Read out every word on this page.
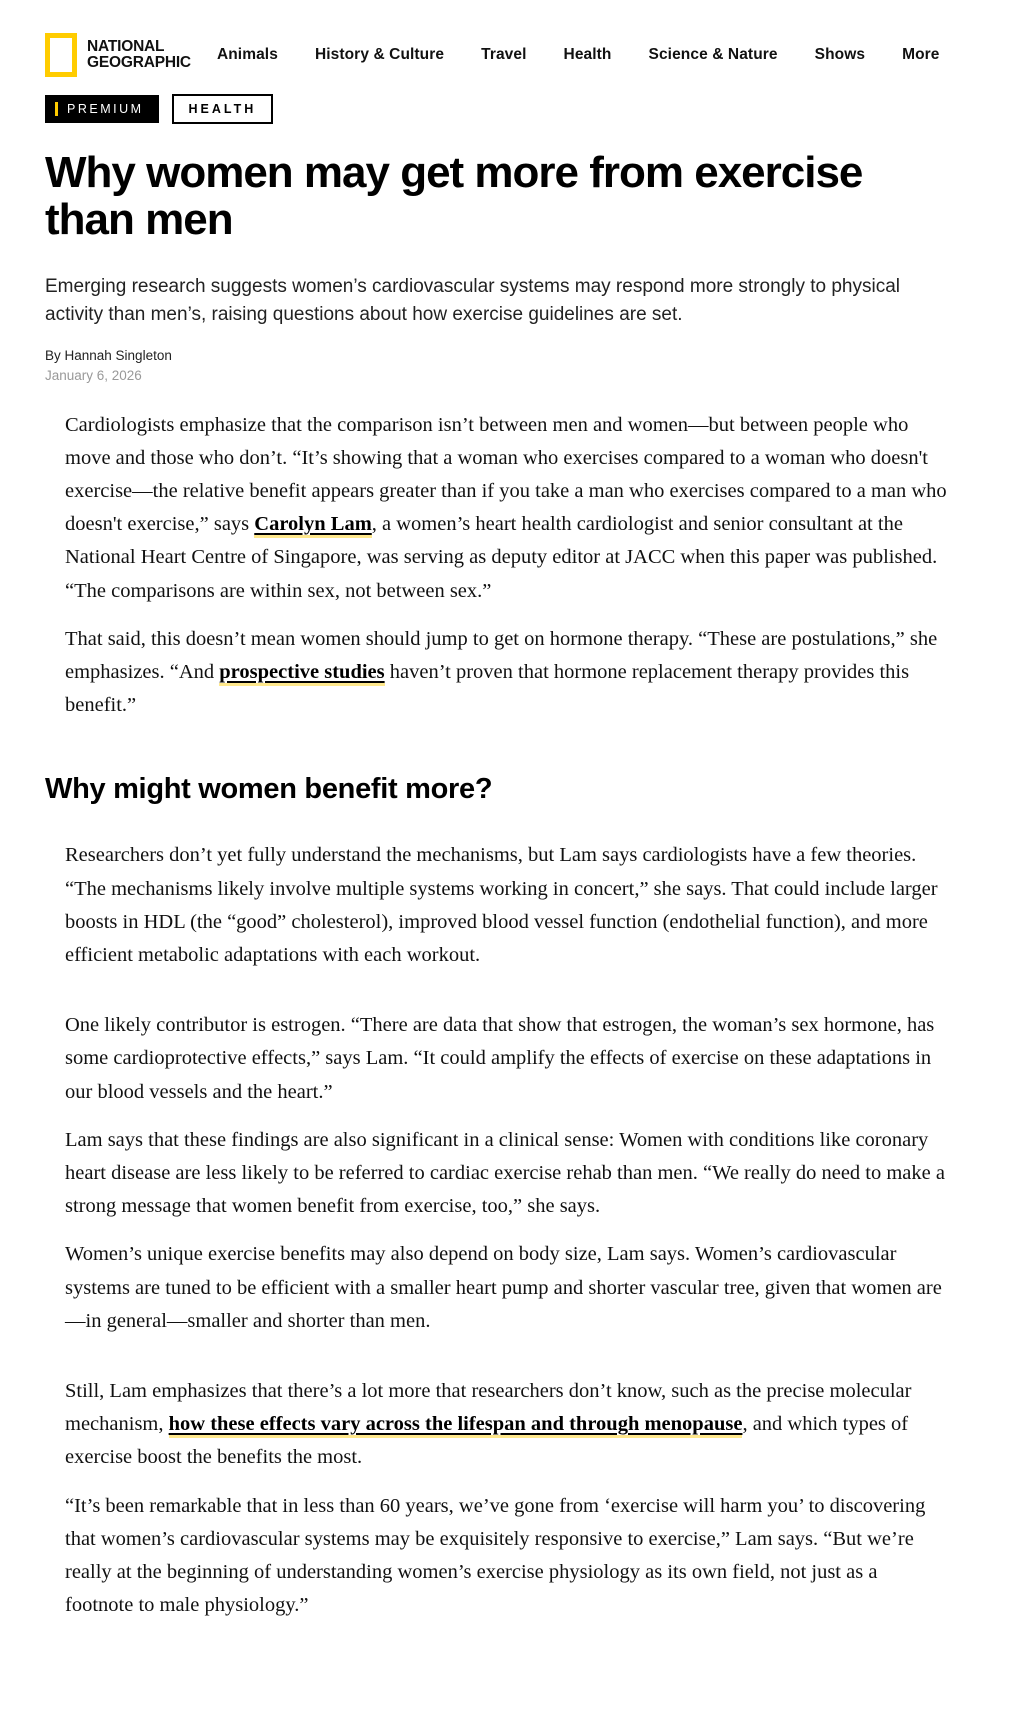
NATIONAL
GEOGRAPHIC Animals History & Culture Travel Health Science & Nature Shows More
PREMIUM	HEALTH
Why women may get more from exercise than men
Emerging research suggests women’s cardiovascular systems may respond more strongly to physical activity than men’s, raising questions about how exercise guidelines are set.
By Hannah Singleton
January 6, 2026

Cardiologists emphasize that the comparison isn’t between men and women—but between people who move and those who don’t. “It’s showing that a woman who exercises compared to a woman who doesn't exercise—the relative benefit appears greater than if you take a man who exercises compared to a man who doesn't exercise,” says Carolyn Lam, a women’s heart health cardiologist and senior consultant at the National Heart Centre of Singapore, was serving as deputy editor at JACC when this paper was published. “The comparisons are within sex, not between sex.”

That said, this doesn’t mean women should jump to get on hormone therapy. “These are postulations,” she emphasizes. “And prospective studies haven’t proven that hormone replacement therapy provides this benefit.”

Why might women benefit more?

Researchers don’t yet fully understand the mechanisms, but Lam says cardiologists have a few theories. “The mechanisms likely involve multiple systems working in concert,” she says. That could include larger boosts in HDL (the “good” cholesterol), improved blood vessel function (endothelial function), and more efficient metabolic adaptations with each workout.

One likely contributor is estrogen. “There are data that show that estrogen, the woman’s sex hormone, has some cardioprotective effects,” says Lam. “It could amplify the effects of exercise on these adaptations in our blood vessels and the heart.”

Lam says that these findings are also significant in a clinical sense: Women with conditions like coronary heart disease are less likely to be referred to cardiac exercise rehab than men. “We really do need to make a strong message that women benefit from exercise, too,” she says.

Women’s unique exercise benefits may also depend on body size, Lam says. Women’s cardiovascular systems are tuned to be efficient with a smaller heart pump and shorter vascular tree, given that women are—in general—smaller and shorter than men.

Still, Lam emphasizes that there’s a lot more that researchers don’t know, such as the precise molecular mechanism, how these effects vary across the lifespan and through menopause, and which types of exercise boost the benefits the most.

“It’s been remarkable that in less than 60 years, we’ve gone from ‘exercise will harm you’ to discovering that women’s cardiovascular systems may be exquisitely responsive to exercise,” Lam says. “But we’re really at the beginning of understanding women’s exercise physiology as its own field, not just as a footnote to male physiology.”
